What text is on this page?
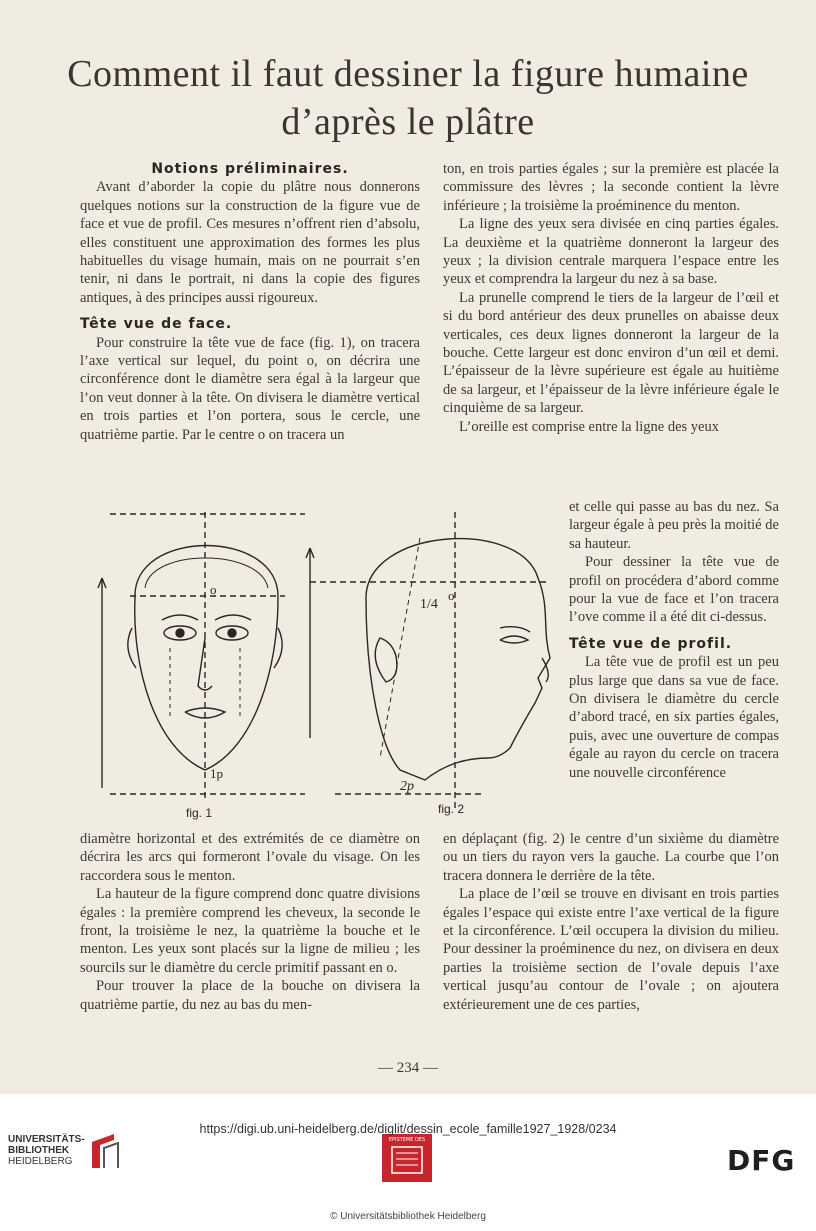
Comment il faut dessiner la figure humaine
d’après le plâtre

Notions préliminaires.

Avant d’aborder la copie du plâtre nous donnerons quelques notions sur la construction de la figure vue de face et vue de profil. Ces mesures n’offrent rien d’absolu, elles constituent une approximation des formes les plus habituelles du visage humain, mais on ne pourrait s’en tenir, ni dans le portrait, ni dans la copie des figures antiques, à des principes aussi rigoureux.

Tête vue de face.

Pour construire la tête vue de face (fig. 1), on tracera l’axe vertical sur lequel, du point o, on décrira une circonférence dont le diamètre sera égal à la largeur que l’on veut donner à la tête. On divisera le diamètre vertical en trois parties et l’on portera, sous le cercle, une quatrième partie. Par le centre o on tracera un

ton, en trois parties égales ; sur la première est placée la commissure des lèvres ; la seconde contient la lèvre inférieure ; la troisième la proéminence du menton.

La ligne des yeux sera divisée en cinq parties égales. La deuxième et la quatrième donneront la largeur des yeux ; la division centrale marquera l’espace entre les yeux et comprendra la largeur du nez à sa base.

La prunelle comprend le tiers de la largeur de l’œil et si du bord antérieur des deux prunelles on abaisse deux verticales, ces deux lignes donneront la largeur de la bouche. Cette largeur est donc environ d’un œil et demi. L’épaisseur de la lèvre supérieure est égale au huitième de sa largeur, et l’épaisseur de la lèvre inférieure égale le cinquième de sa largeur.

L’oreille est comprise entre la ligne des yeux

et celle qui passe au bas du nez. Sa largeur égale à peu près la moitié de sa hauteur.

Pour dessiner la tête vue de profil on procédera d’abord comme pour la vue de face et l’on tracera l’ove comme il a été dit ci-dessus.

Tête vue de profil.

La tête vue de profil est un peu plus large que dans sa vue de face. On divisera le diamètre du cercle d’abord tracé, en six parties égales, puis, avec une ouverture de compas égale au rayon du cercle on tracera une nouvelle circonférence

o	o
1/4
2p
1p
fig. 1	fig. 2

diamètre horizontal et des extrémités de ce diamètre on décrira les arcs qui formeront l’ovale du visage. On les raccordera sous le menton.

La hauteur de la figure comprend donc quatre divisions égales : la première comprend les cheveux, la seconde le front, la troisième le nez, la quatrième la bouche et le menton. Les yeux sont placés sur la ligne de milieu ; les sourcils sur le diamètre du cercle primitif passant en o.

Pour trouver la place de la bouche on divisera la quatrième partie, du nez au bas du men-

en déplaçant (fig. 2) le centre d’un sixième du diamètre ou un tiers du rayon vers la gauche. La courbe que l’on tracera donnera le derrière de la tête.

La place de l’œil se trouve en divisant en trois parties égales l’espace qui existe entre l’axe vertical de la figure et la circonférence. L’œil occupera la division du milieu. Pour dessiner la proéminence du nez, on divisera en deux parties la troisième section de l’ovale depuis l’axe vertical jusqu’au contour de l’ovale ; on ajoutera extérieurement une de ces parties,

— 234 —
UNIVERSITÄTS-
BIBLIOTHEK
HEIDELBERG
EPISTEME DES
DFG
https://digi.ub.uni-heidelberg.de/diglit/dessin_ecole_famille1927_1928/0234
© Universitätsbibliothek Heidelberg
